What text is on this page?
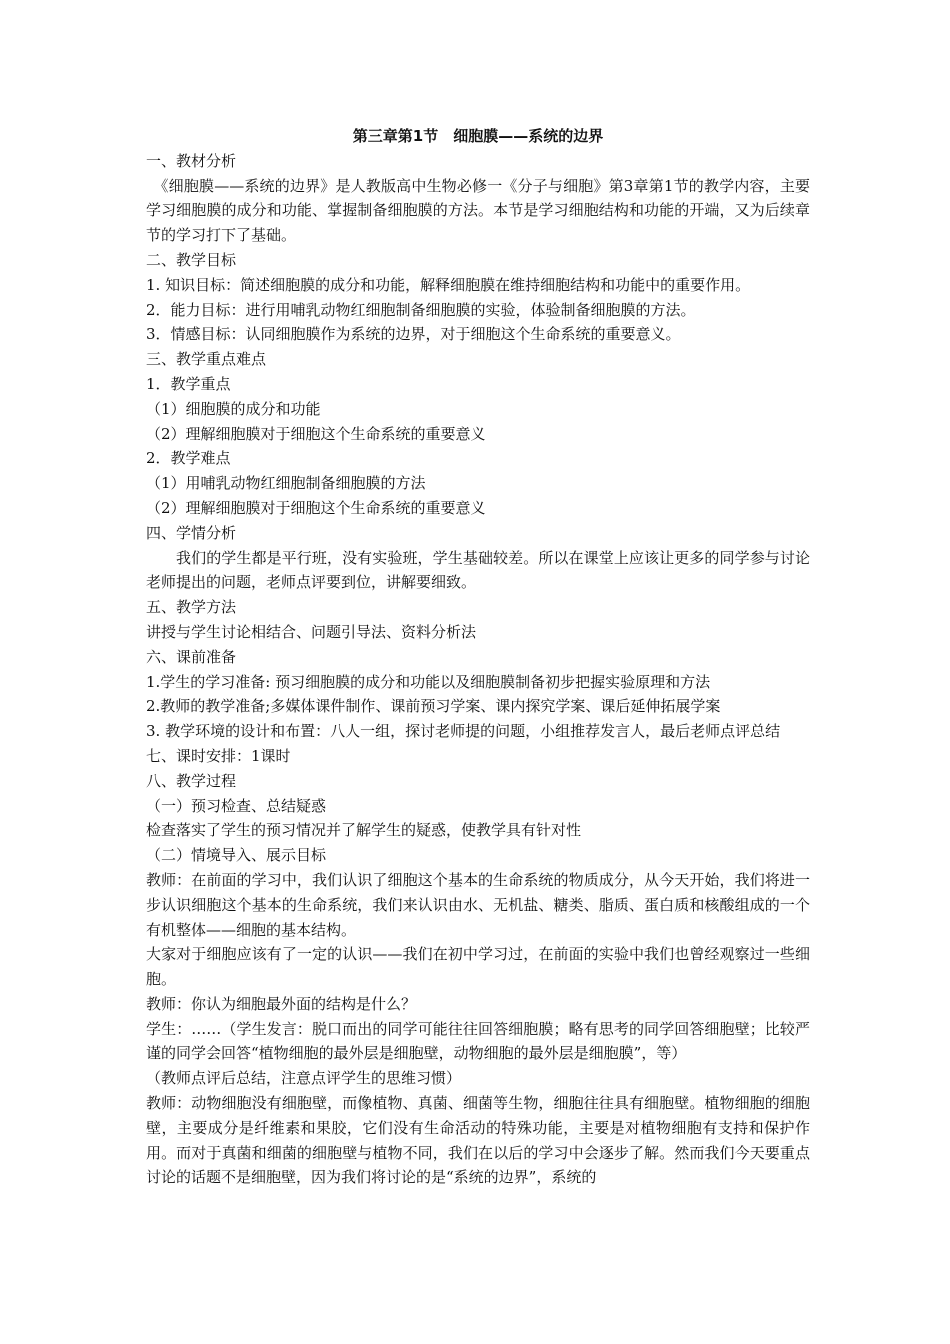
第三章第1节　细胞膜——系统的边界

一、教材分析

《细胞膜——系统的边界》是人教版高中生物必修一《分子与细胞》第3章第1节的教学内容，主要学习细胞膜的成分和功能、掌握制备细胞膜的方法。本节是学习细胞结构和功能的开端，又为后续章节的学习打下了基础。

二、教学目标

1. 知识目标：简述细胞膜的成分和功能，解释细胞膜在维持细胞结构和功能中的重要作用。

2．能力目标：进行用哺乳动物红细胞制备细胞膜的实验，体验制备细胞膜的方法。

3．情感目标：认同细胞膜作为系统的边界，对于细胞这个生命系统的重要意义。

三、教学重点难点

1．教学重点

（1）细胞膜的成分和功能

（2）理解细胞膜对于细胞这个生命系统的重要意义

2．教学难点

（1）用哺乳动物红细胞制备细胞膜的方法

（2）理解细胞膜对于细胞这个生命系统的重要意义

四、学情分析

我们的学生都是平行班，没有实验班，学生基础较差。所以在课堂上应该让更多的同学参与讨论老师提出的问题，老师点评要到位，讲解要细致。

五、教学方法

讲授与学生讨论相结合、问题引导法、资料分析法

六、课前准备

1.学生的学习准备: 预习细胞膜的成分和功能以及细胞膜制备初步把握实验原理和方法

2.教师的教学准备;多媒体课件制作、课前预习学案、课内探究学案、课后延伸拓展学案

3. 教学环境的设计和布置：八人一组，探讨老师提的问题，小组推荐发言人，最后老师点评总结

七、课时安排：1课时

八、教学过程

（一）预习检查、总结疑惑

检查落实了学生的预习情况并了解学生的疑惑，使教学具有针对性

（二）情境导入、展示目标

教师：在前面的学习中，我们认识了细胞这个基本的生命系统的物质成分，从今天开始，我们将进一步认识细胞这个基本的生命系统，我们来认识由水、无机盐、糖类、脂质、蛋白质和核酸组成的一个有机整体——细胞的基本结构。

大家对于细胞应该有了一定的认识——我们在初中学习过，在前面的实验中我们也曾经观察过一些细胞。

教师：你认为细胞最外面的结构是什么？

学生：……（学生发言：脱口而出的同学可能往往回答细胞膜；略有思考的同学回答细胞壁；比较严谨的同学会回答“植物细胞的最外层是细胞壁，动物细胞的最外层是细胞膜”，等）

（教师点评后总结，注意点评学生的思维习惯）

教师：动物细胞没有细胞壁，而像植物、真菌、细菌等生物，细胞往往具有细胞壁。植物细胞的细胞壁，主要成分是纤维素和果胶，它们没有生命活动的特殊功能，主要是对植物细胞有支持和保护作用。而对于真菌和细菌的细胞壁与植物不同，我们在以后的学习中会逐步了解。然而我们今天要重点讨论的话题不是细胞壁，因为我们将讨论的是“系统的边界”，系统的
